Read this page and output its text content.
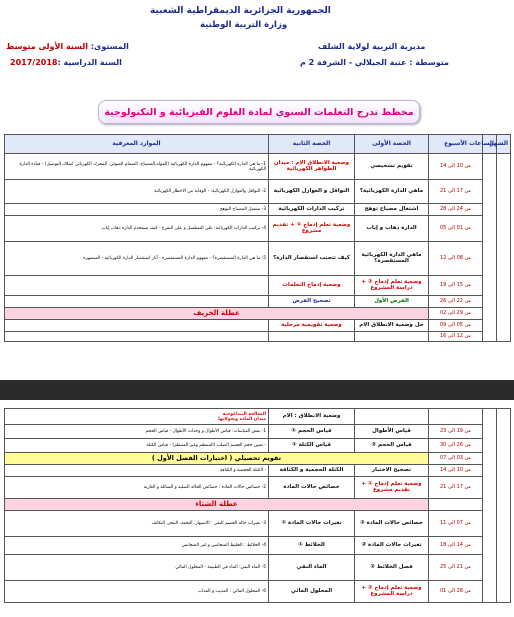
الجمهورية الجزائرية الديمقراطية الشعبية
وزارة التربية الوطنية
مديرية التربية لولاية الشلف
متوسطة : عتبة الجيلالي - الشرفة 2 م
المستوى: السنة الأولى متوسط
السنة الدراسية :2017/2018
مخطط تدرج التعلمات السنوي لمادة العلوم الفيزيائية و التكنولوجية
الشهر	الساعات	الأسبوع	الحصة الأولى	الحصة الثانية	الموارد المعرفية
		من 10 الى 14	تقويم تشخيصي	وضعية الانطلاق الام : ميدان الظواهر الكهربائية	1- ما هي الدارة الكهربائية؟ - مفهوم الدارة الكهربائية (المولد،المصباح، الصمام الضوئي، المحرك الكهربائي اسلاك التوصيل) - قيادة الدارة الكهربائية
		من 17 الى 21	ماهي الدارة الكهربائية؟	النواقل و العوازل الكهربائية	2- النواقل والعوازل الكهربائية: - الوقاية من الاخطار الكهربائية
		من 24 الى 28	اشتغال مصباح توهج	تركيب الدارات الكهربائية	3- تشغيل المصباح التوهج
		من 01 الى 05	الدارة ذهاب و إياب	وضعية تعلم إدماج ① + تقديم مشروع	4- تركيب الدارات الكهربائية: على التسلسل و على التفرع - كيف تستخدم الدارة ذهاب إياب
		من 08 الى 12	ماهي الدارة الكهربائية المستقصرة؟	كيف تتجنب استقصار الدارة؟	5- ما هي الدارة المستقصرة؟ - مفهوم الدارة المستقصرة - آثار استقصار الدارة الكهربائية - المنصهرة
		من 15 الى 19	وضعية تعلم إدماج ② + دراسة المشروع	وضعية إدماج التعلمات	
		من 22 الى 26	الفرض الأول	تصحيح الفرض	
		من 29 الى 02	عطلة الخريف		
		من 05 الى 09	حل وضعية الانطلاق الام	وضعية تقويمية مرحلية	
		من 12 الى 16			
				وضعية الانطلاق : الام	المعالجة البيداغوجية
ميدان المادة وتحولاتها
		من 19 الى 23	قياس الأطوال	قياس الحجم ①	1- بعض القياسات: قياس الأطوال و وحدات الأطوال - قياس الحجم
		من 26 الى 30	قياس الحجم ②	قياس الكتلة ①	- تعيين حجم الجسم الصلب (المنتظم وغير المنتظم) - قياس الكتلة
		من 03 الى 07	تقويم تحصيلي ( اختبارات الفصل الأول )		
		من 10 الى 14	تصحيح الاختبار	الكتلة الحجمية و الكثافة	- الكتلة الحجمية و الكثافة
		من 17 الى 21	وضعية تعلم إدماج ① + تقديم مشروع	خصائص حالات المادة	2- خصائص حالات المادة : خصائص الحالة الصلبة و السائلة و الغازية
			عطلة الشتاء		
		من 07 الى 11	خصائص حالات المادة ②	تغيرات حالات المادة ①	3- تغيرات حالة الجسم النقي : الانصهار، التجمد، التبخر، التكاثف
		من 14 الى 18	تغيرات حالات المادة ②	الخلائط ①	4- الخلائط : الخليط المتجانس و غير المتجانس
		من 21 الى 25	فصل الخلائط ②	الماء النقي	5- الماء النقي: الماء في الطبيعة - المحلول المائي
		من 28 الى 01	وضعية تعلم إدماج ② + دراسة المشروع	المحلول المائي	6- المحلول المائي : المذيب و المذاب
